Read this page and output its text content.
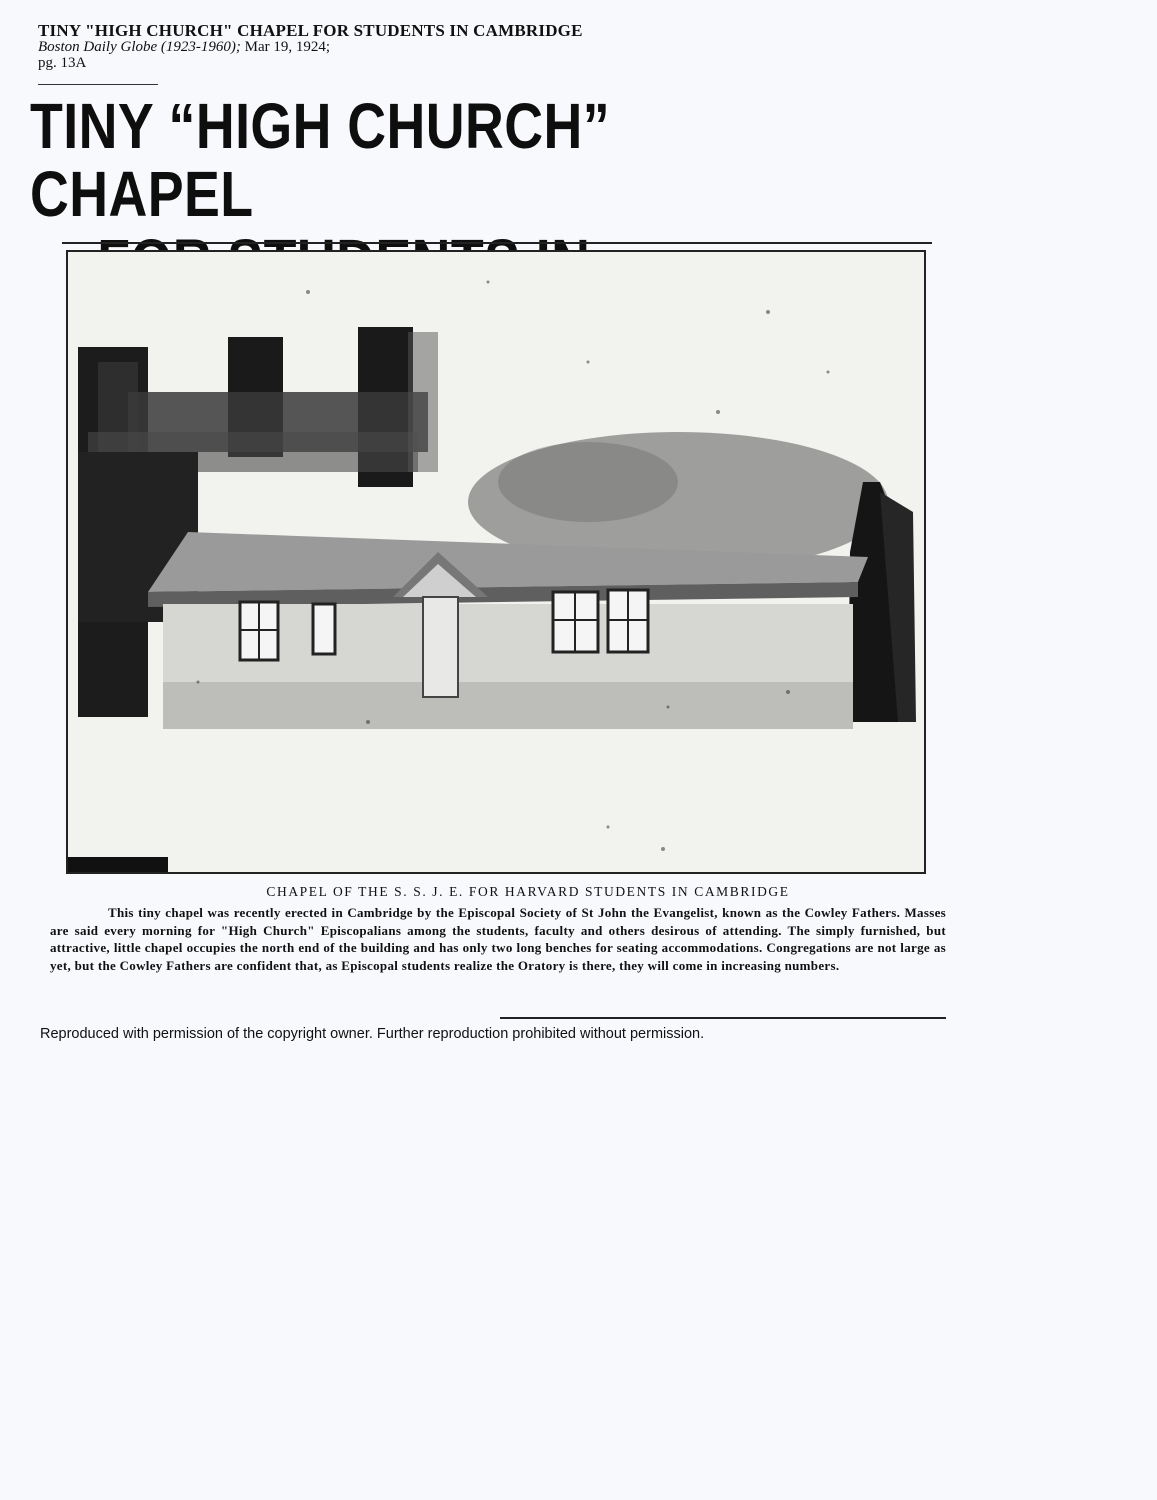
TINY "HIGH CHURCH" CHAPEL FOR STUDENTS IN CAMBRIDGE
Boston Daily Globe (1923-1960); Mar 19, 1924;
pg. 13A
TINY “HIGH CHURCH” CHAPEL
CHAPEL OF THE S. S. J. E. FOR HARVARD STUDENTS IN CAMBRIDGE
This tiny chapel was recently erected in Cambridge by the Episcopal Society of St John the Evangelist, known as the Cowley Fathers. Masses are said every morning for "High Church" Episcopalians among the students, faculty and others desirous of attending. The simply furnished, but attractive, little chapel occupies the north end of the building and has only two long benches for seating accommodations. Congregations are not large as yet, but the Cowley Fathers are confident that, as Episcopal students realize the Oratory is there, they will come in increasing numbers.
Reproduced with permission of the copyright owner. Further reproduction prohibited without permission.
